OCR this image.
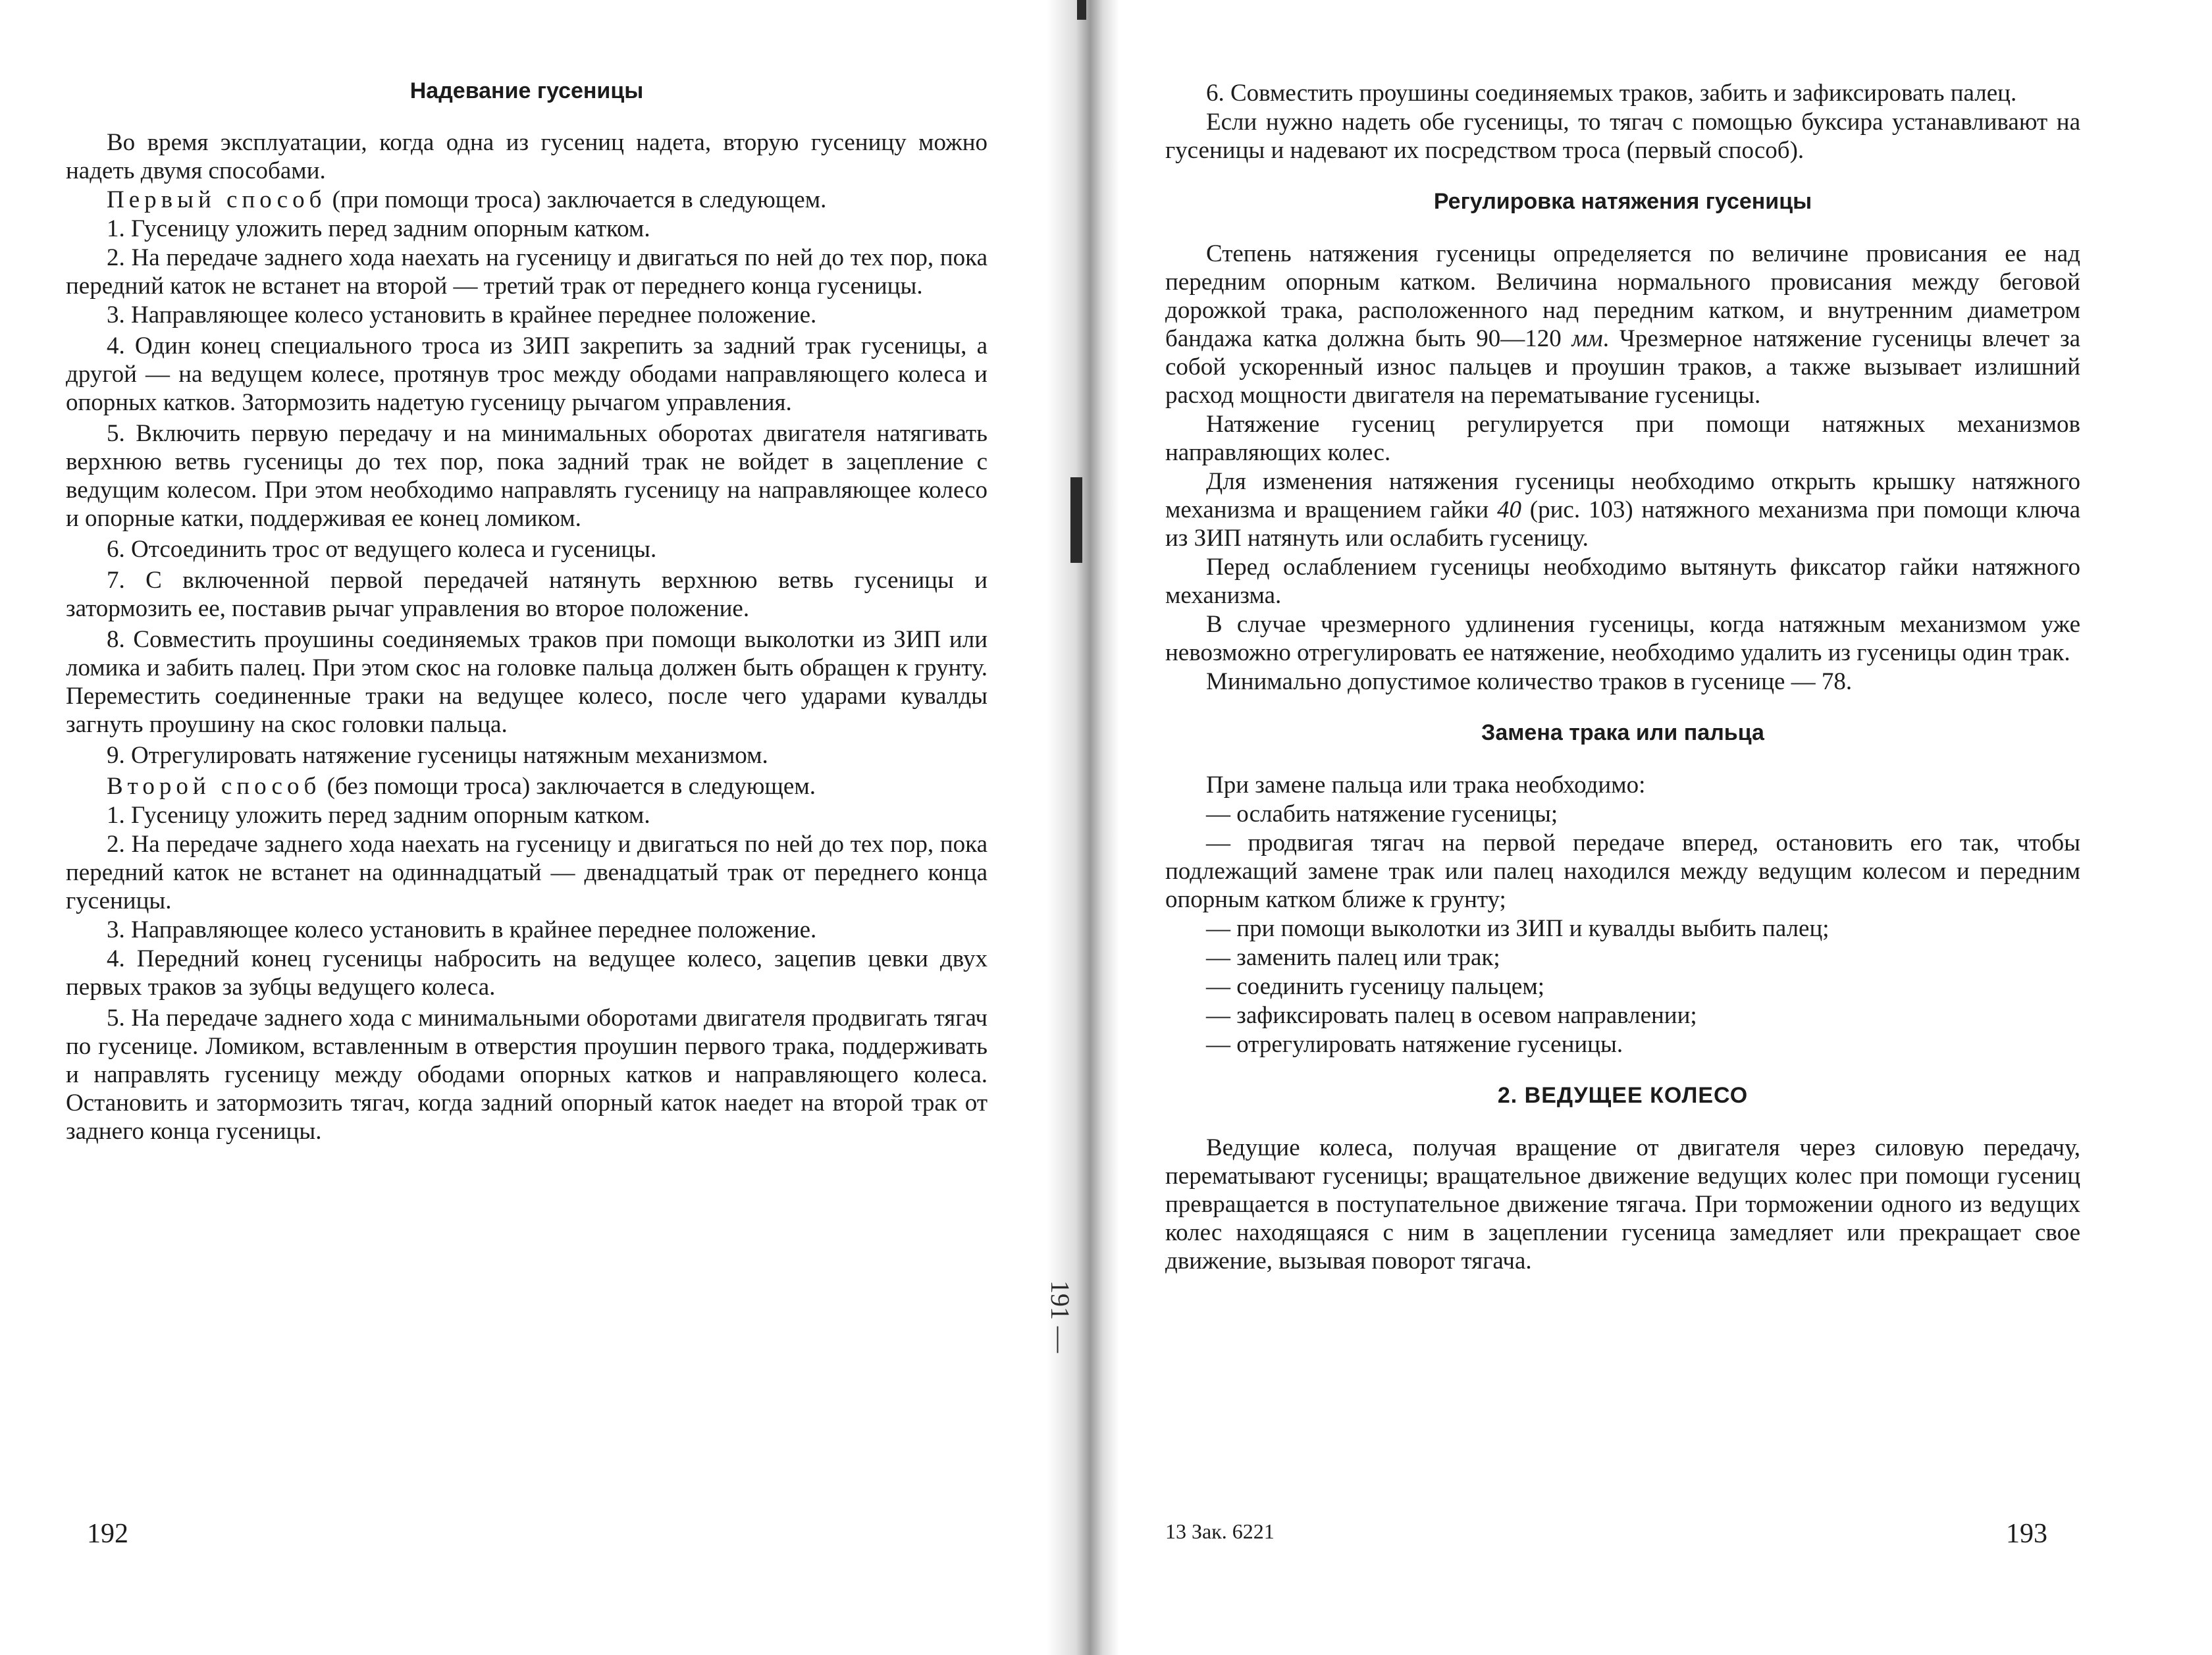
191 —
Надевание гусеницы

Во время эксплуатации, когда одна из гусениц надета, вторую гусеницу можно надеть двумя способами.

Первый способ (при помощи троса) заключается в следующем.

1. Гусеницу уложить перед задним опорным катком.

2. На передаче заднего хода наехать на гусеницу и двигаться по ней до тех пор, пока передний каток не встанет на второй — третий трак от переднего конца гусеницы.

3. Направляющее колесо установить в крайнее переднее положение.

4. Один конец специального троса из ЗИП закрепить за задний трак гусеницы, а другой — на ведущем колесе, протянув трос между ободами направляющего колеса и опорных катков. Затормозить надетую гусеницу рычагом управления.

5. Включить первую передачу и на минимальных оборотах двигателя натягивать верхнюю ветвь гусеницы до тех пор, пока задний трак не войдет в зацепление с ведущим колесом. При этом необходимо направлять гусеницу на направляющее колесо и опорные катки, поддерживая ее конец ломиком.

6. Отсоединить трос от ведущего колеса и гусеницы.

7. С включенной первой передачей натянуть верхнюю ветвь гусеницы и затормозить ее, поставив рычаг управления во второе положение.

8. Совместить проушины соединяемых траков при помощи выколотки из ЗИП или ломика и забить палец. При этом скос на головке пальца должен быть обращен к грунту. Переместить соединенные траки на ведущее колесо, после чего ударами кувалды загнуть проушину на скос головки пальца.

9. Отрегулировать натяжение гусеницы натяжным механизмом.

Второй способ (без помощи троса) заключается в следующем.

1. Гусеницу уложить перед задним опорным катком.

2. На передаче заднего хода наехать на гусеницу и двигаться по ней до тех пор, пока передний каток не встанет на одиннадцатый — двенадцатый трак от переднего конца гусеницы.

3. Направляющее колесо установить в крайнее переднее положение.

4. Передний конец гусеницы набросить на ведущее колесо, зацепив цевки двух первых траков за зубцы ведущего колеса.

5. На передаче заднего хода с минимальными оборотами двигателя продвигать тягач по гусенице. Ломиком, вставленным в отверстия проушин первого трака, поддерживать и направлять гусеницу между ободами опорных катков и направляющего колеса. Остановить и затормозить тягач, когда задний опорный каток наедет на второй трак от заднего конца гусеницы.

192

6. Совместить проушины соединяемых траков, забить и зафиксировать палец.

Если нужно надеть обе гусеницы, то тягач с помощью буксира устанавливают на гусеницы и надевают их посредством троса (первый способ).

Регулировка натяжения гусеницы

Степень натяжения гусеницы определяется по величине провисания ее над передним опорным катком. Величина нормального провисания между беговой дорожкой трака, расположенного над передним катком, и внутренним диаметром бандажа катка должна быть 90—120 мм. Чрезмерное натяжение гусеницы влечет за собой ускоренный износ пальцев и проушин траков, а также вызывает излишний расход мощности двигателя на перематывание гусеницы.

Натяжение гусениц регулируется при помощи натяжных механизмов направляющих колес.

Для изменения натяжения гусеницы необходимо открыть крышку натяжного механизма и вращением гайки 40 (рис. 103) натяжного механизма при помощи ключа из ЗИП натянуть или ослабить гусеницу.

Перед ослаблением гусеницы необходимо вытянуть фиксатор гайки натяжного механизма.

В случае чрезмерного удлинения гусеницы, когда натяжным механизмом уже невозможно отрегулировать ее натяжение, необходимо удалить из гусеницы один трак.

Минимально допустимое количество траков в гусенице — 78.

Замена трака или пальца

При замене пальца или трака необходимо:

— ослабить натяжение гусеницы;

— продвигая тягач на первой передаче вперед, остановить его так, чтобы подлежащий замене трак или палец находился между ведущим колесом и передним опорным катком ближе к грунту;

— при помощи выколотки из ЗИП и кувалды выбить палец;

— заменить палец или трак;

— соединить гусеницу пальцем;

— зафиксировать палец в осевом направлении;

— отрегулировать натяжение гусеницы.

2. ВЕДУЩЕЕ КОЛЕСО

Ведущие колеса, получая вращение от двигателя через силовую передачу, перематывают гусеницы; вращательное движение ведущих колес при помощи гусениц превращается в поступательное движение тягача. При торможении одного из ведущих колес находящаяся с ним в зацеплении гусеница замедляет или прекращает свое движение, вызывая поворот тягача.

13 Зак. 6221	193
